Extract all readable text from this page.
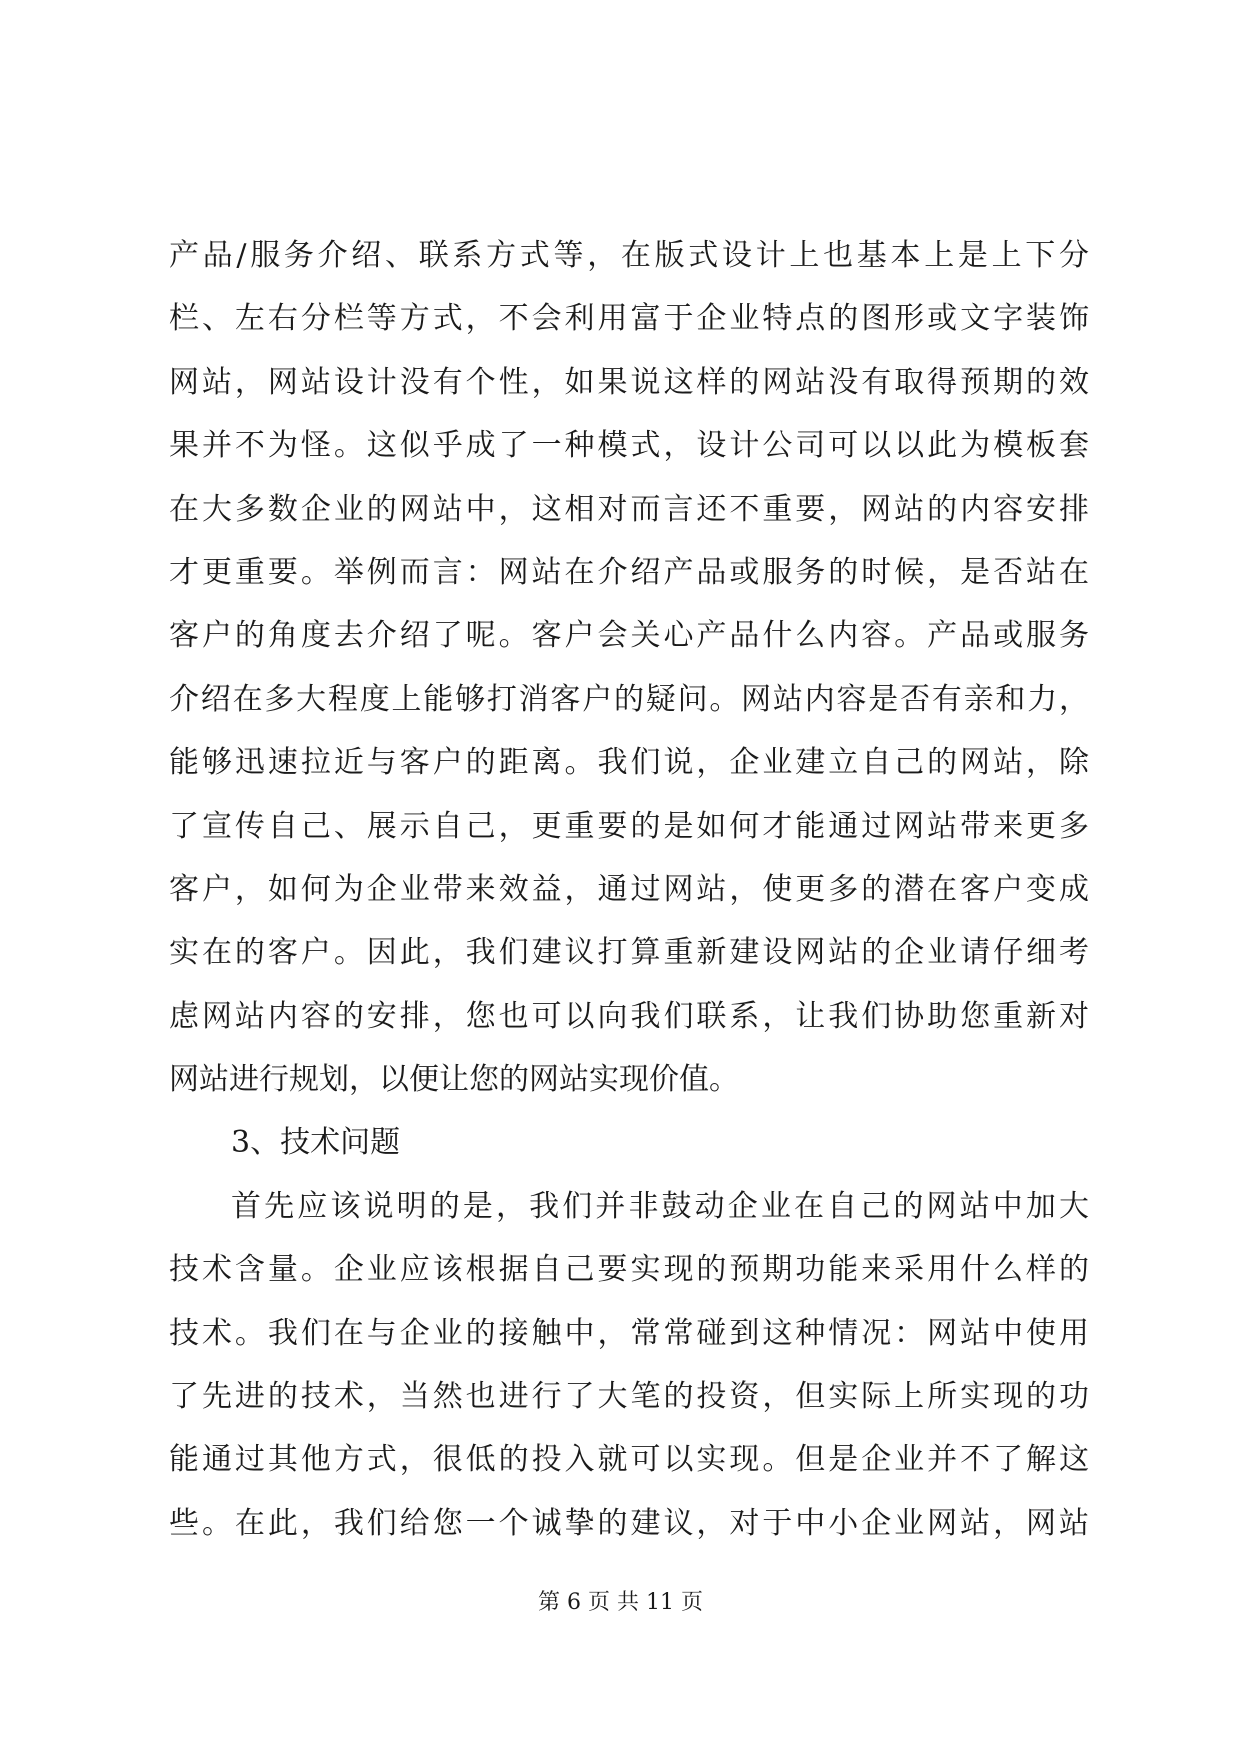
产品/服务介绍、联系方式等，在版式设计上也基本上是上下分
栏、左右分栏等方式，不会利用富于企业特点的图形或文字装饰
网站，网站设计没有个性，如果说这样的网站没有取得预期的效
果并不为怪。这似乎成了一种模式，设计公司可以以此为模板套
在大多数企业的网站中，这相对而言还不重要，网站的内容安排
才更重要。举例而言：网站在介绍产品或服务的时候，是否站在
客户的角度去介绍了呢。客户会关心产品什么内容。产品或服务
介绍在多大程度上能够打消客户的疑问。网站内容是否有亲和力，
能够迅速拉近与客户的距离。我们说，企业建立自己的网站，除
了宣传自己、展示自己，更重要的是如何才能通过网站带来更多
客户，如何为企业带来效益，通过网站，使更多的潜在客户变成
实在的客户。因此，我们建议打算重新建设网站的企业请仔细考
虑网站内容的安排，您也可以向我们联系，让我们协助您重新对
网站进行规划，以便让您的网站实现价值。
3、技术问题
首先应该说明的是，我们并非鼓动企业在自己的网站中加大
技术含量。企业应该根据自己要实现的预期功能来采用什么样的
技术。我们在与企业的接触中，常常碰到这种情况：网站中使用
了先进的技术，当然也进行了大笔的投资，但实际上所实现的功
能通过其他方式，很低的投入就可以实现。但是企业并不了解这
些。在此，我们给您一个诚挚的建议，对于中小企业网站，网站
第 6 页 共 11 页
